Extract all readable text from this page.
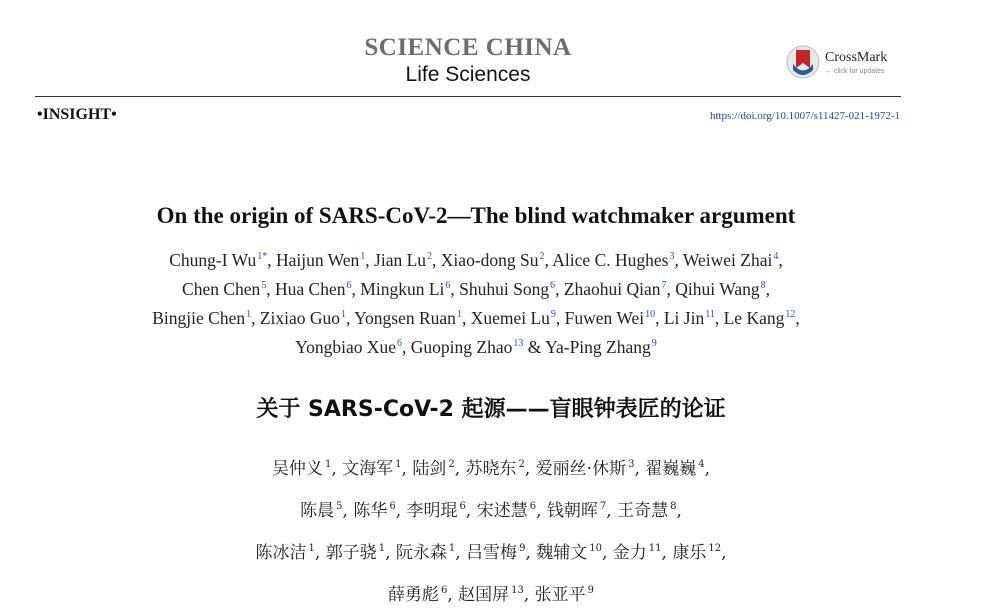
SCIENCE CHINA
Life Sciences
CrossMark
← click for updates
•INSIGHT•	https://doi.org/10.1007/s11427-021-1972-1
On the origin of SARS-CoV-2—The blind watchmaker argument
Chung-I $Wu^{1*}$, Haijun Wen$^1$, Jian Lu$^2$, Xiao-dong Su$^2$, Alice C. Hughes$^3$, Weiwei Zhai$^4$,
Chen Chen$^5$, Hua Chen$^6$, Mingkun Li$^6$, Shuhui Song$^6$, Zhaohui Qian$^7$, Qihui Wang$^8$,
Bingjie Chen$^1$, Zixiao Guo$^1$, Yongsen Ruan$^1$, Xuemei Lu$^9$, Fuwen Wei$^{10}$, Li Jin$^{11}$, Le Kang$^{12}$,
Yongbiao Xue$^6$, Guoping Zhao$^{13}$ & Ya-Ping Zhang$^9$
关于 SARS-CoV-2 起源——盲眼钟表匠的论证
吴仲义 $^1$, 文海军 $^1$, 陆剑 $^2$, 苏晓东 $^2$, 爱丽丝·休斯 $^3$, 翟巍巍 $^4$,
陈晨 $^5$, 陈华 $^6$, 李明琨 $^6$, 宋述慧 $^6$, 钱朝晖 $^7$, 王奇慧 $^8$,
陈冰洁 $^1$, 郭子骁 $^1$, 阮永森 $^1$, 吕雪梅 $^9$, 魏辅文 $^{10}$, 金力 $^{11}$, 康乐 $^{12}$,
薛勇彪 $^6$, 赵国屏 $^{13}$, 张亚平 $^9$
